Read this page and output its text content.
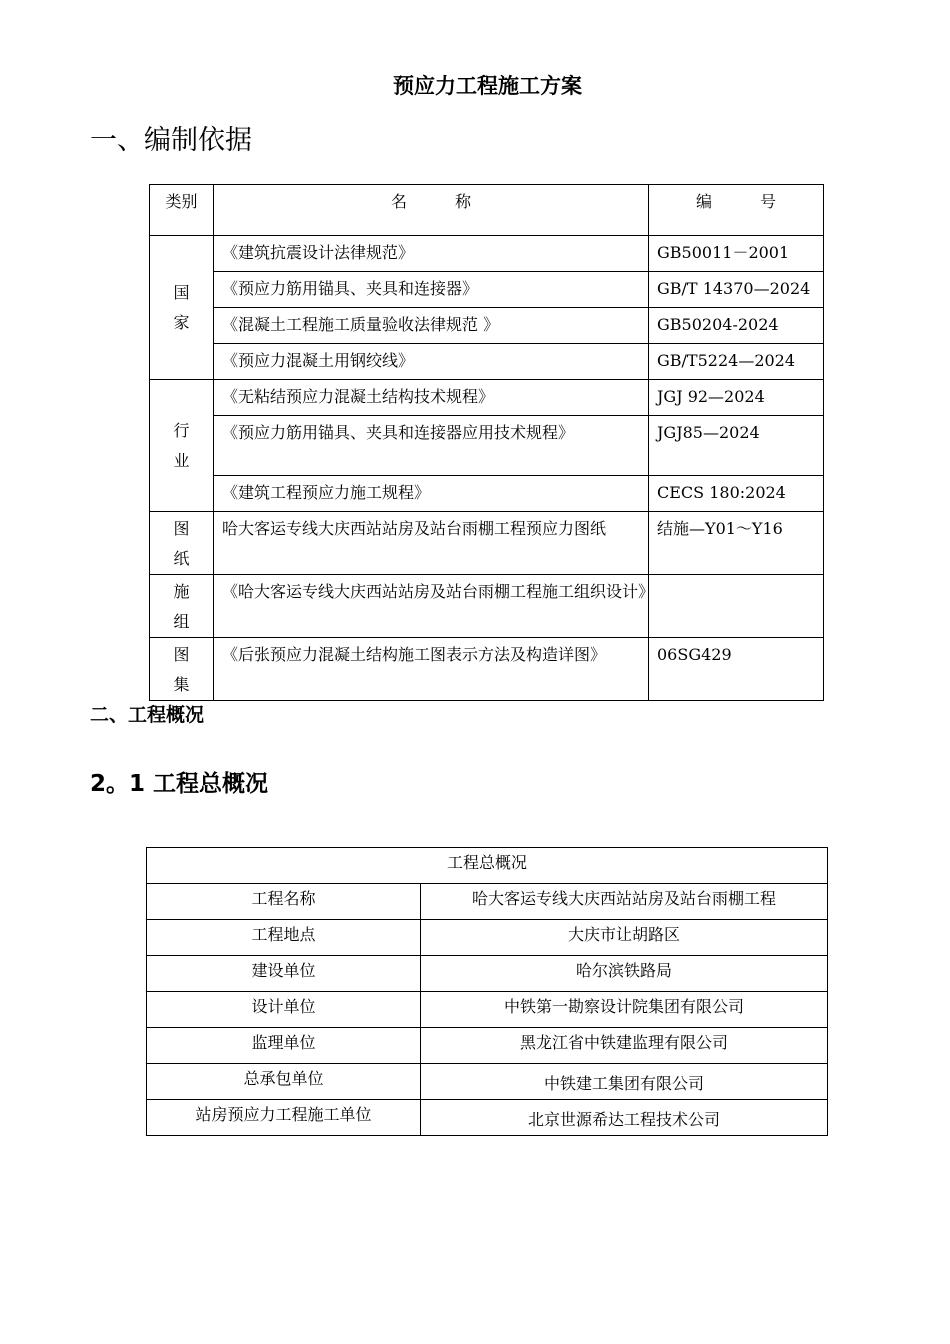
预应力工程施工方案
一、编制依据
类别	名　　　称	编　　　号

国家	《建筑抗震设计法律规范》	GB50011－2001
	《预应力筋用锚具、夹具和连接器》	GB/T 14370—2024
	《混凝土工程施工质量验收法律规范 》	GB50204-2024
	《预应力混凝土用钢绞线》	GB/T5224—2024

行业	《无粘结预应力混凝土结构技术规程》	JGJ 92—2024
	《预应力筋用锚具、夹具和连接器应用技术规程》	JGJ85—2024
	《建筑工程预应力施工规程》	CECS 180:2024

图纸	哈大客运专线大庆西站站房及站台雨棚工程预应力图纸	结施—Y01～Y16

施组	《哈大客运专线大庆西站站房及站台雨棚工程施工组织设计》	

图集	《后张预应力混凝土结构施工图表示方法及构造详图》	06SG429
二、工程概况
2。1 工程总概况
工程总概况	
工程名称	哈大客运专线大庆西站站房及站台雨棚工程
工程地点	大庆市让胡路区
建设单位	哈尔滨铁路局
设计单位	中铁第一勘察设计院集团有限公司
监理单位	黑龙江省中铁建监理有限公司
总承包单位	中铁建工集团有限公司
站房预应力工程施工单位	北京世源希达工程技术公司
